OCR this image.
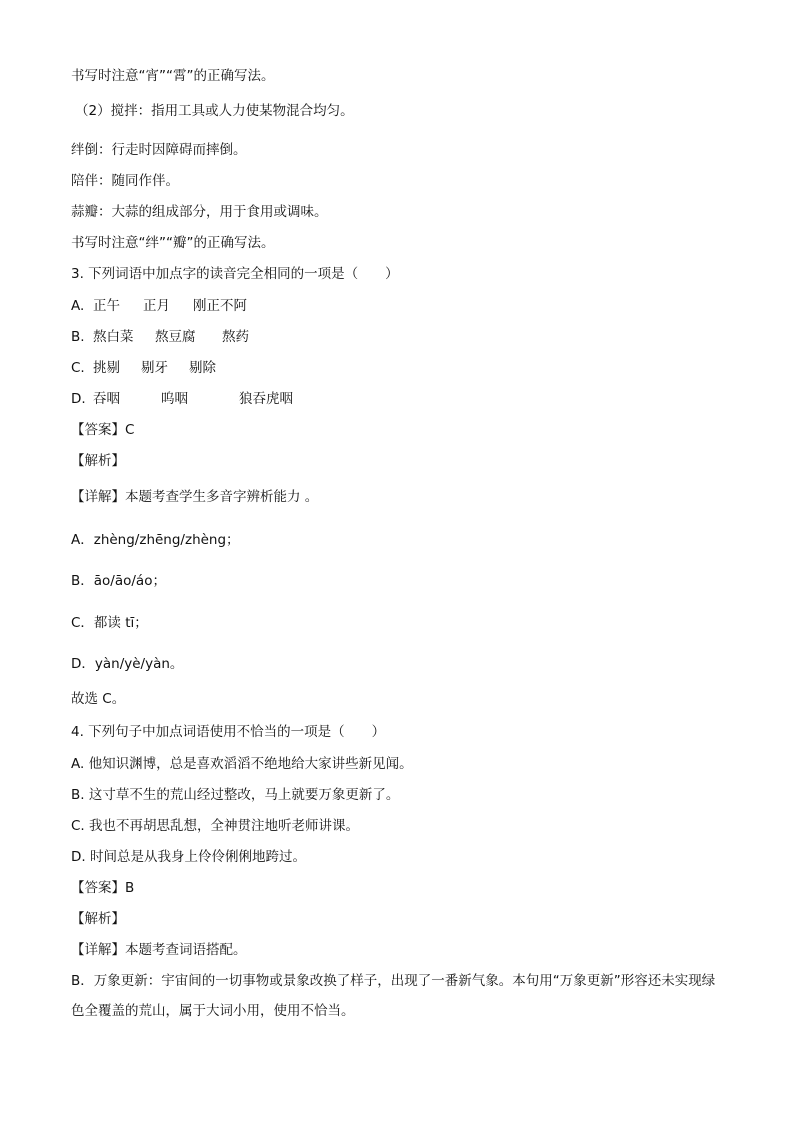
书写时注意“宵”“霄”的正确写法。
（2）搅拌：指用工具或人力使某物混合均匀。
绊倒：行走时因障碍而摔倒。
陪伴：随同作伴。
蒜瓣：大蒜的组成部分，用于食用或调味。
书写时注意“绊”“瓣”的正确写法。
3. 下列词语中加点字的读音完全相同的一项是（　　）
A. 正午 正月 刚正不阿
B. 熬白菜 熬豆腐 熬药
C. 挑剔 剔牙 剔除
D. 吞咽	呜咽	狼吞虎咽
【答案】C
【解析】
【详解】本题考查学生多音字辨析能力 。
A．zhèng/zhēng/zhèng；
B．āo/āo/áo；
C．都读 tī；
D．yàn/yè/yàn。
故选 C。
4. 下列句子中加点词语使用不恰当的一项是（　　）
A. 他知识渊博，总是喜欢滔滔不绝地给大家讲些新见闻。
B. 这寸草不生的荒山经过整改，马上就要万象更新了。
C. 我也不再胡思乱想，全神贯注地听老师讲课。
D. 时间总是从我身上伶伶俐俐地跨过。
【答案】B
【解析】
【详解】本题考查词语搭配。
B．万象更新：宇宙间的一切事物或景象改换了样子，出现了一番新气象。本句用“万象更新”形容还未实现绿色全覆盖的荒山，属于大词小用，使用不恰当。
